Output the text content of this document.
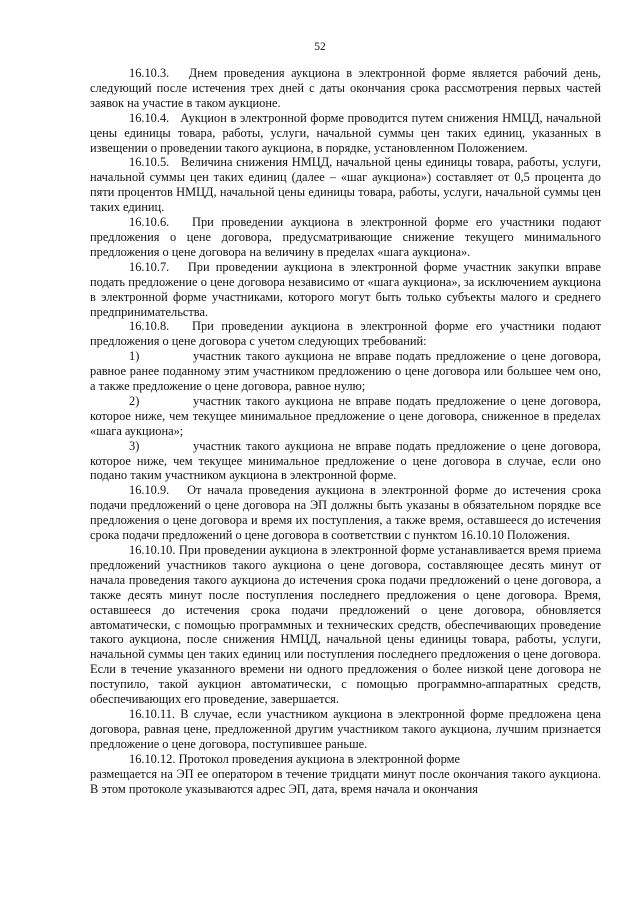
52

16.10.3.   Днем проведения аукциона в электронной форме является рабочий день, следующий после истечения трех дней с даты окончания срока рассмотрения первых частей заявок на участие в таком аукционе.

16.10.4.   Аукцион в электронной форме проводится путем снижения НМЦД, начальной цены единицы товара, работы, услуги, начальной суммы цен таких единиц, указанных в извещении о проведении такого аукциона, в порядке, установленном Положением.

16.10.5.   Величина снижения НМЦД, начальной цены единицы товара, работы, услуги, начальной суммы цен таких единиц (далее – «шаг аукциона») составляет от 0,5 процента до пяти процентов НМЦД, начальной цены единицы товара, работы, услуги, начальной суммы цен таких единиц.

16.10.6.   При проведении аукциона в электронной форме его участники подают предложения о цене договора, предусматривающие снижение текущего минимального предложения о цене договора на величину в пределах «шага аукциона».

16.10.7.   При проведении аукциона в электронной форме участник закупки вправе подать предложение о цене договора независимо от «шага аукциона», за исключением аукциона в электронной форме участниками, которого могут быть только субъекты малого и среднего предпринимательства.

16.10.8.   При проведении аукциона в электронной форме его участники подают предложения о цене договора с учетом следующих требований:

1)	участник такого аукциона не вправе подать предложение о цене договора, равное ранее поданному этим участником предложению о цене договора или большее чем оно, а также предложение о цене договора, равное нулю;

2)	участник такого аукциона не вправе подать предложение о цене договора, которое ниже, чем текущее минимальное предложение о цене договора, сниженное в пределах «шага аукциона»;

3)	участник такого аукциона не вправе подать предложение о цене договора, которое ниже, чем текущее минимальное предложение о цене договора в случае, если оно подано таким участником аукциона в электронной форме.

16.10.9.   От начала проведения аукциона в электронной форме до истечения срока подачи предложений о цене договора на ЭП должны быть указаны в обязательном порядке все предложения о цене договора и время их поступления, а также время, оставшееся до истечения срока подачи предложений о цене договора в соответствии с пунктом 16.10.10 Положения.

16.10.10. При проведении аукциона в электронной форме устанавливается время приема предложений участников такого аукциона о цене договора, составляющее десять минут от начала проведения такого аукциона до истечения срока подачи предложений о цене договора, а также десять минут после поступления последнего предложения о цене договора. Время, оставшееся до истечения срока подачи предложений о цене договора, обновляется автоматически, с помощью программных и технических средств, обеспечивающих проведение такого аукциона, после снижения НМЦД, начальной цены единицы товара, работы, услуги, начальной суммы цен таких единиц или поступления последнего предложения о цене договора. Если в течение указанного времени ни одного предложения о более низкой цене договора не поступило, такой аукцион автоматически, с помощью программно-аппаратных средств, обеспечивающих его проведение, завершается.

16.10.11. В случае, если участником аукциона в электронной форме предложена цена договора, равная цене, предложенной другим участником такого аукциона, лучшим признается предложение о цене договора, поступившее раньше.

16.10.12. Протокол проведения аукциона в электронной форме

размещается на ЭП ее оператором в течение тридцати минут после окончания такого аукциона. В этом протоколе указываются адрес ЭП, дата, время начала и окончания
